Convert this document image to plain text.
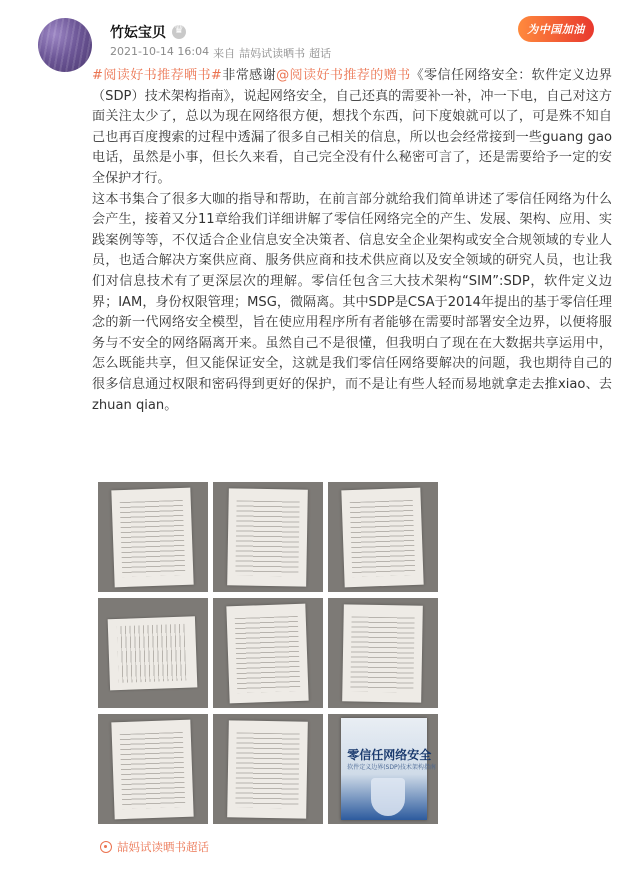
竹妘宝贝
♛
2021-10-14 16:04 来自 喆妈试读晒书 超话
为中国加油

#阅读好书推荐晒书#非常感谢@阅读好书推荐的赠书《零信任网络安全：软件定义边界（SDP）技术架构指南》，说起网络安全，自己还真的需要补一补，冲一下电，自己对这方面关注太少了，总以为现在网络很方便，想找个东西，问下度娘就可以了，可是殊不知自己也再百度搜索的过程中透漏了很多自己相关的信息，所以也会经常接到一些guang gao电话，虽然是小事，但长久来看，自己完全没有什么秘密可言了，还是需要给予一定的安全保护才行。

这本书集合了很多大咖的指导和帮助，在前言部分就给我们简单讲述了零信任网络为什么会产生，接着又分11章给我们详细讲解了零信任网络完全的产生、发展、架构、应用、实践案例等等，不仅适合企业信息安全决策者、信息安全企业架构或安全合规领域的专业人员，也适合解决方案供应商、服务供应商和技术供应商以及安全领域的研究人员，也让我们对信息技术有了更深层次的理解。零信任包含三大技术架构“SIM”:SDP，软件定义边界；IAM，身份权限管理；MSG，微隔离。其中SDP是CSA于2014年提出的基于零信任理念的新一代网络安全模型，旨在使应用程序所有者能够在需要时部署安全边界，以便将服务与不安全的网络隔离开来。虽然自己不是很懂，但我明白了现在在大数据共享运用中，怎么既能共享，但又能保证安全，这就是我们零信任网络要解决的问题，我也期待自己的很多信息通过权限和密码得到更好的保护，而不是让有些人轻而易地就拿走去推xiao、去zhuan qian。

零信任网络安全
软件定义边界(SDP)技术架构指南
喆妈试读晒书超话
